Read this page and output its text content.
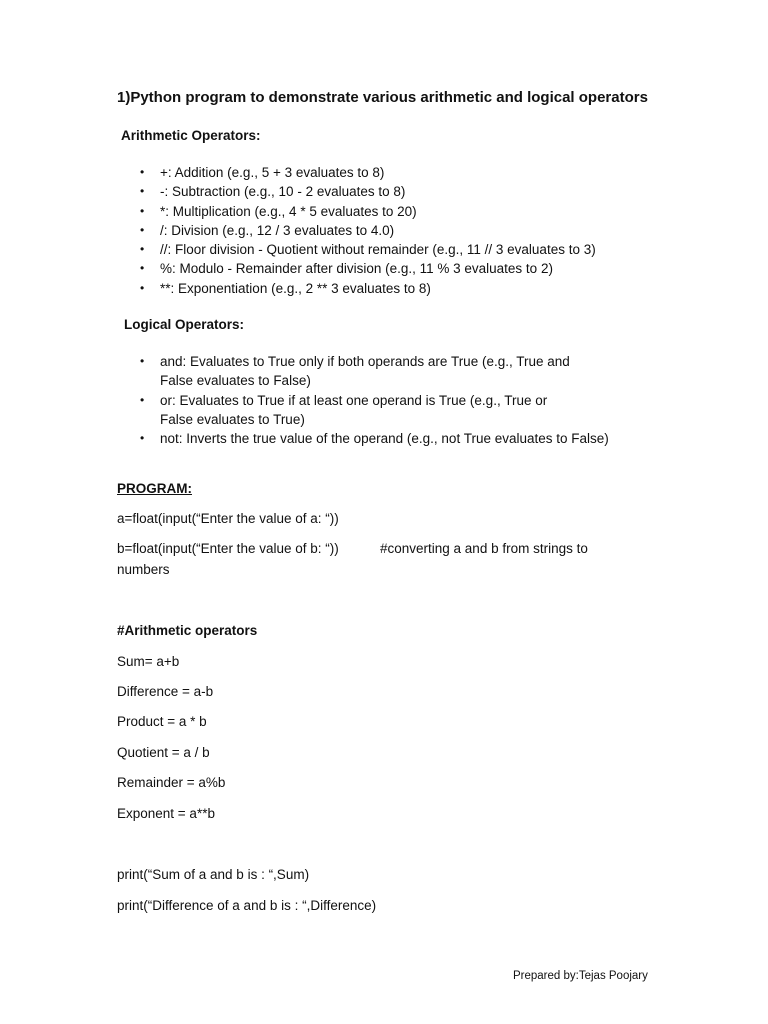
1)Python program to demonstrate various arithmetic and logical operators
Arithmetic Operators:
• +: Addition (e.g., 5 + 3 evaluates to 8)
• -: Subtraction (e.g., 10 - 2 evaluates to 8)
• *: Multiplication (e.g., 4 * 5 evaluates to 20)
• /: Division (e.g., 12 / 3 evaluates to 4.0)
• //: Floor division - Quotient without remainder (e.g., 11 // 3 evaluates to 3)
• %: Modulo - Remainder after division (e.g., 11 % 3 evaluates to 2)
• **: Exponentiation (e.g., 2 ** 3 evaluates to 8)
Logical Operators:
• and: Evaluates to True only if both operands are True (e.g., True and
False evaluates to False)
• or: Evaluates to True if at least one operand is True (e.g., True or
False evaluates to True)
• not: Inverts the true value of the operand (e.g., not True evaluates to False)
PROGRAM:
a=float(input(“Enter the value of a: “))
b=float(input(“Enter the value of b: “))	#converting a and b from strings to
numbers
#Arithmetic operators
Sum= a+b
Difference = a-b
Product = a * b
Quotient = a / b
Remainder = a%b
Exponent = a**b
print(“Sum of a and b is : “,Sum)
print(“Difference of a and b is : “,Difference)
Prepared by:Tejas Poojary
